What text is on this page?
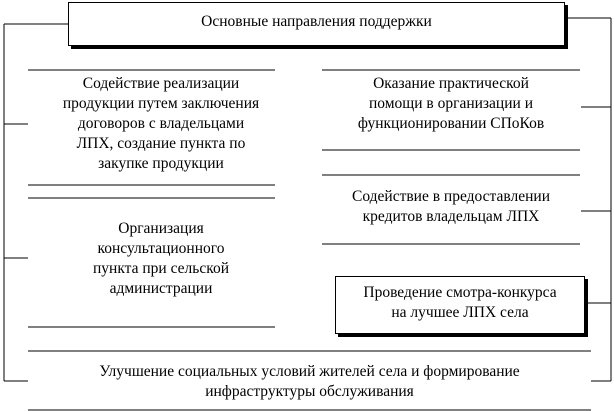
Основные направления поддержки
Содействие реализации
продукции путем заключения
договоров с владельцами
ЛПХ, создание пункта по
закупке продукции
Организация
консультационного
пункта при сельской
администрации
Оказание практической
помощи в организации и
функционировании СПоКов
Содействие в предоставлении
кредитов владельцам ЛПХ
Проведение смотра-конкурса
на лучшее ЛПХ села
Улучшение социальных условий жителей села и формирование
инфраструктуры обслуживания
